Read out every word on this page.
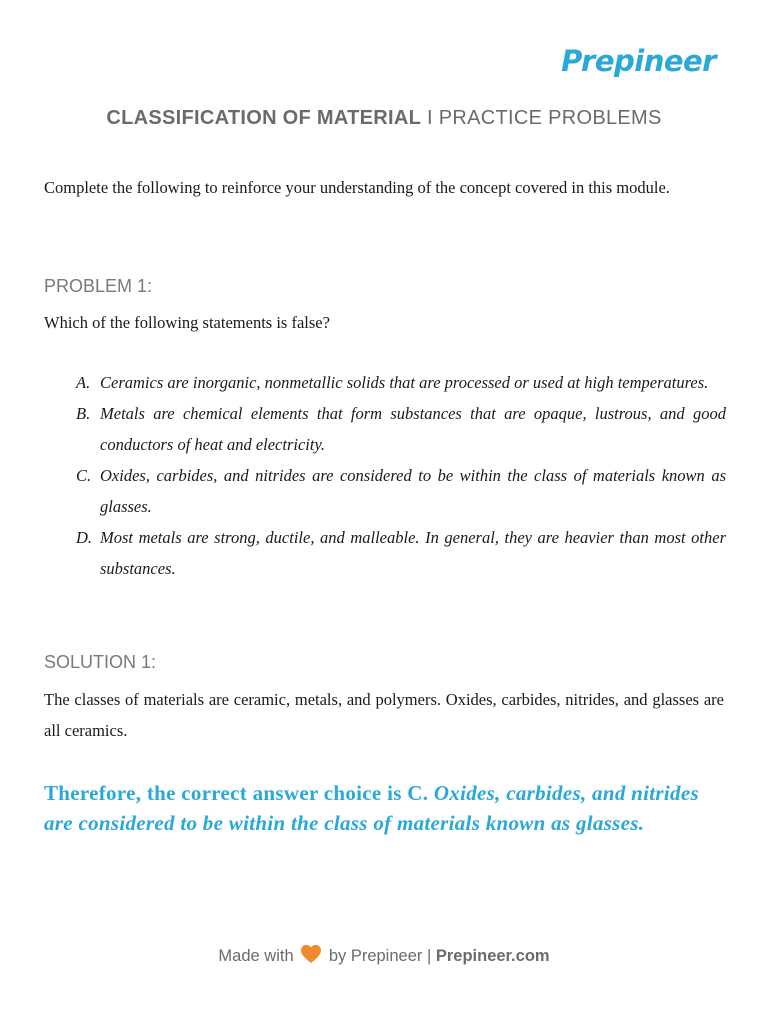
Prepineer
CLASSIFICATION OF MATERIAL I PRACTICE PROBLEMS
Complete the following to reinforce your understanding of the concept covered in this module.
PROBLEM 1:
Which of the following statements is false?
A. Ceramics are inorganic, nonmetallic solids that are processed or used at high temperatures.
B. Metals are chemical elements that form substances that are opaque, lustrous, and good conductors of heat and electricity.
C. Oxides, carbides, and nitrides are considered to be within the class of materials known as glasses.
D. Most metals are strong, ductile, and malleable. In general, they are heavier than most other substances.
SOLUTION 1:
The classes of materials are ceramic, metals, and polymers. Oxides, carbides, nitrides, and glasses are all ceramics.
Therefore, the correct answer choice is C. Oxides, carbides, and nitrides are considered to be within the class of materials known as glasses.
Made with by Prepineer | Prepineer.com
